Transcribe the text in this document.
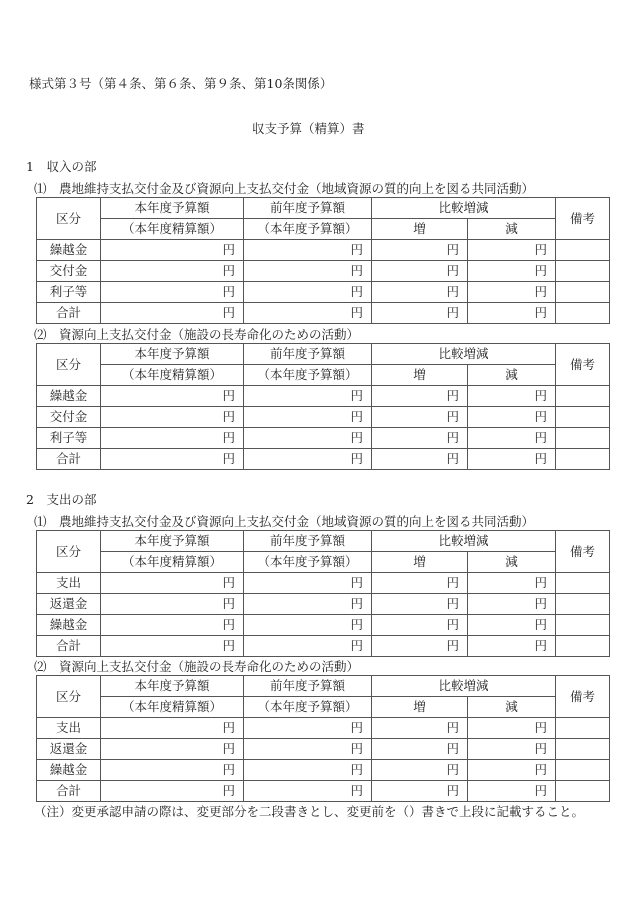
様式第３号（第４条、第６条、第９条、第10条関係）
収支予算（精算）書
1　収入の部
⑴　農地維持支払交付金及び資源向上支払交付金（地域資源の質的向上を図る共同活動）
区分	本年度予算額	前年度予算額	比較増減		備考
	（本年度精算額）	（本年度予算額）	増	減	
繰越金	円	円	円	円	
交付金	円	円	円	円	
利子等	円	円	円	円	
合計	円	円	円	円	
⑵　資源向上支払交付金（施設の長寿命化のための活動）
区分	本年度予算額	前年度予算額	比較増減		備考
	（本年度精算額）	（本年度予算額）	増	減	
繰越金	円	円	円	円	
交付金	円	円	円	円	
利子等	円	円	円	円	
合計	円	円	円	円	
2　支出の部
⑴　農地維持支払交付金及び資源向上支払交付金（地域資源の質的向上を図る共同活動）
区分	本年度予算額	前年度予算額	比較増減		備考
	（本年度精算額）	（本年度予算額）	増	減	
支出	円	円	円	円	
返還金	円	円	円	円	
繰越金	円	円	円	円	
合計	円	円	円	円	
⑵　資源向上支払交付金（施設の長寿命化のための活動）
区分	本年度予算額	前年度予算額	比較増減		備考
	（本年度精算額）	（本年度予算額）	増	減	
支出	円	円	円	円	
返還金	円	円	円	円	
繰越金	円	円	円	円	
合計	円	円	円	円	
（注）変更承認申請の際は、変更部分を二段書きとし、変更前を（）書きで上段に記載すること。
